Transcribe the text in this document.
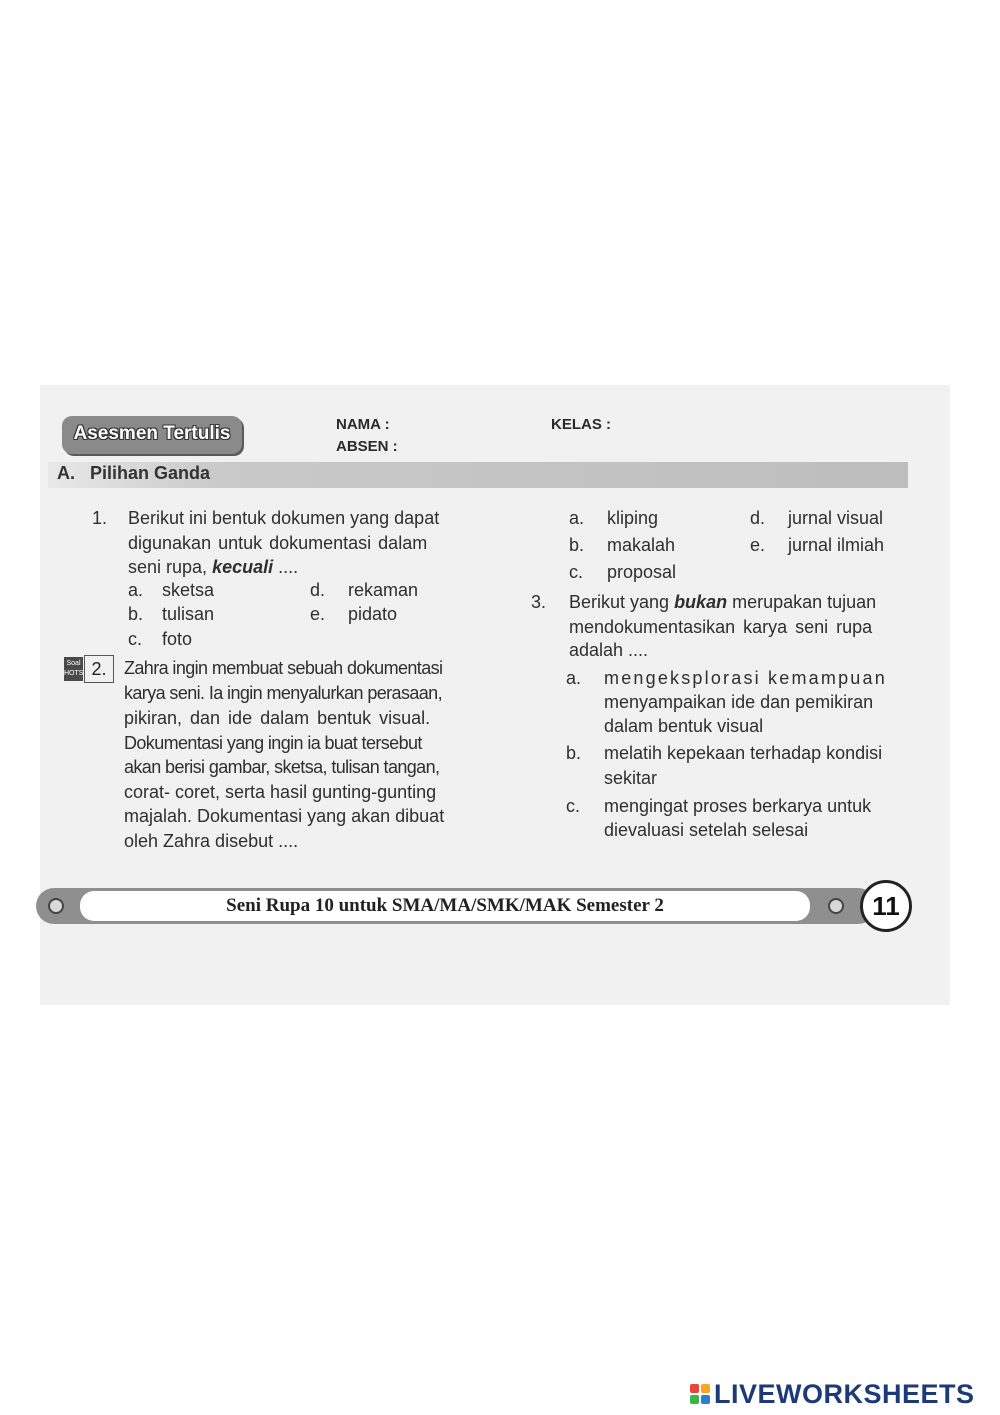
Asesmen Tertulis	NAMA :
ABSEN :
KELAS :
A.   Pilihan Ganda
1. Berikut ini bentuk dokumen yang dapat
digunakan untuk dokumentasi dalam
seni rupa, kecuali ....
a. sketsa	d. rekaman
b. tulisan	e. pidato
c. foto
Soal
HOTS 2. Zahra ingin membuat sebuah dokumentasi
karya seni. Ia ingin menyalurkan perasaan,
pikiran, dan ide dalam bentuk visual.
Dokumentasi yang ingin ia buat tersebut
akan berisi gambar, sketsa, tulisan tangan,
corat- coret, serta hasil gunting-gunting
majalah. Dokumentasi yang akan dibuat
oleh Zahra disebut ....
a. kliping	d. jurnal visual
b. makalah	e. jurnal ilmiah
c. proposal
3. Berikut yang bukan merupakan tujuan
mendokumentasikan karya seni rupa
adalah ....
a. mengeksplorasi kemampuan
menyampaikan ide dan pemikiran
dalam bentuk visual
b. melatih kepekaan terhadap kondisi
sekitar
c. mengingat proses berkarya untuk
dievaluasi setelah selesai
Seni Rupa 10 untuk SMA/MA/SMK/MAK Semester 2	11
LIVEWORKSHEETS
